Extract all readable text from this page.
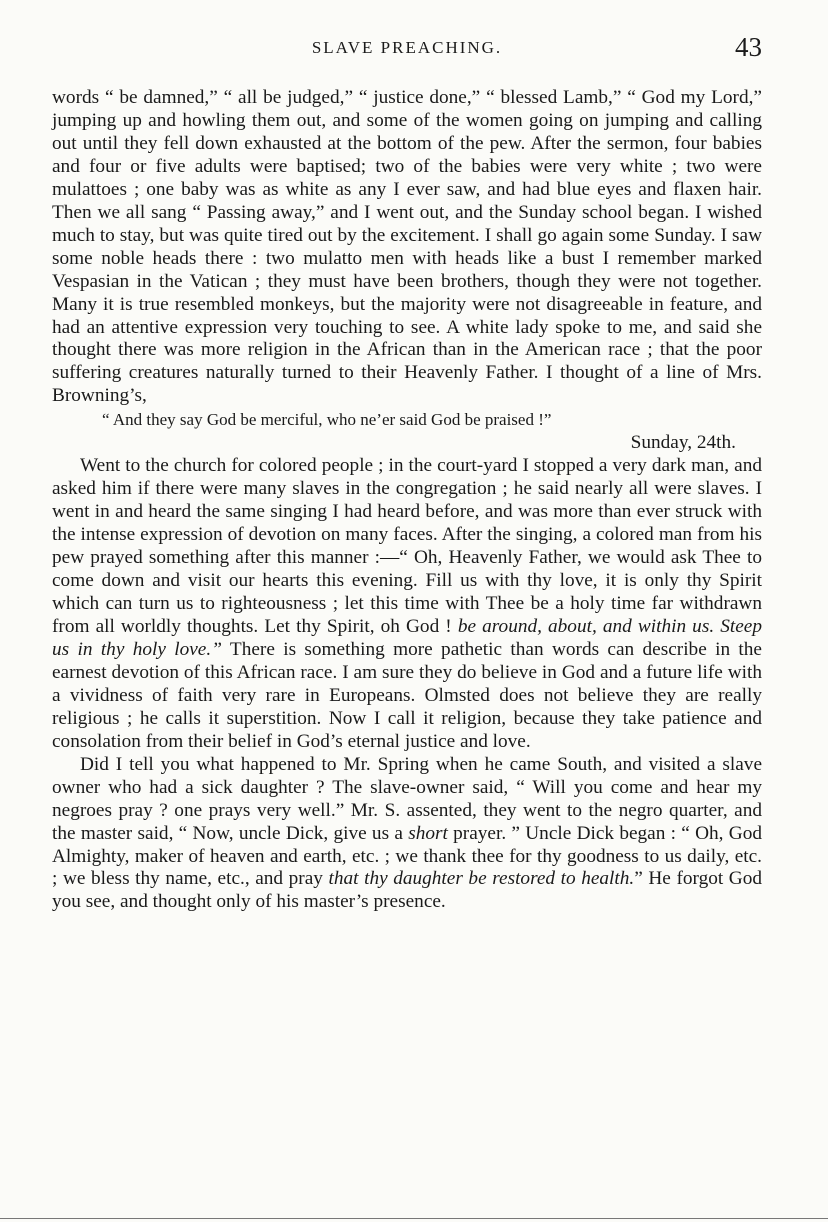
SLAVE PREACHING.	43

words “ be damned,” “ all be judged,” “ justice done,” “ blessed Lamb,” “ God my Lord,” jumping up and howling them out, and some of the women going on jumping and calling out until they fell down exhausted at the bottom of the pew. After the sermon, four babies and four or five adults were baptised; two of the babies were very white ; two were mulattoes ; one baby was as white as any I ever saw, and had blue eyes and flaxen hair. Then we all sang “ Passing away,” and I went out, and the Sunday school began. I wished much to stay, but was quite tired out by the excitement. I shall go again some Sunday. I saw some noble heads there : two mulatto men with heads like a bust I remember marked Vespasian in the Vatican ; they must have been brothers, though they were not together. Many it is true resembled monkeys, but the majority were not disagreeable in feature, and had an attentive expression very touching to see. A white lady spoke to me, and said she thought there was more religion in the African than in the American race ; that the poor suffering creatures naturally turned to their Heavenly Father. I thought of a line of Mrs. Browning’s,

“ And they say God be merciful, who ne’er said God be praised !”

Sunday, 24th.

Went to the church for colored people ; in the court-yard I stopped a very dark man, and asked him if there were many slaves in the congregation ; he said nearly all were slaves. I went in and heard the same singing I had heard before, and was more than ever struck with the intense expression of devotion on many faces. After the singing, a colored man from his pew prayed something after this manner :—“ Oh, Heavenly Father, we would ask Thee to come down and visit our hearts this evening. Fill us with thy love, it is only thy Spirit which can turn us to righteousness ; let this time with Thee be a holy time far withdrawn from all worldly thoughts. Let thy Spirit, oh God ! be around, about, and within us. Steep us in thy holy love.” There is something more pathetic than words can describe in the earnest devotion of this African race. I am sure they do believe in God and a future life with a vividness of faith very rare in Europeans. Olmsted does not believe they are really religious ; he calls it superstition. Now I call it religion, because they take patience and consolation from their belief in God’s eternal justice and love.

Did I tell you what happened to Mr. Spring when he came South, and visited a slave owner who had a sick daughter ? The slave-owner said, “ Will you come and hear my negroes pray ? one prays very well.” Mr. S. assented, they went to the negro quarter, and the master said, “ Now, uncle Dick, give us a short prayer. ” Uncle Dick began : “ Oh, God Almighty, maker of heaven and earth, etc. ; we thank thee for thy goodness to us daily, etc. ; we bless thy name, etc., and pray that thy daughter be restored to health.” He forgot God you see, and thought only of his master’s presence.
